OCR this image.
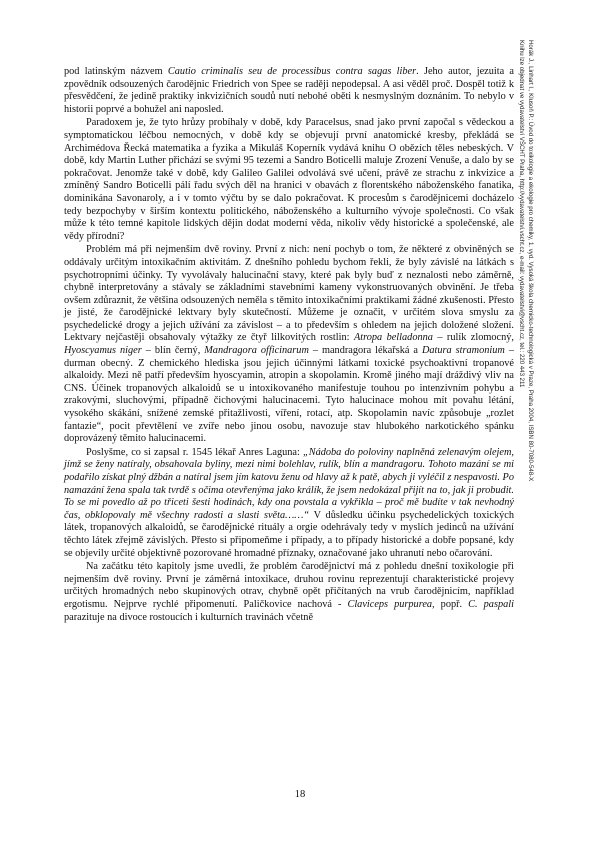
Horák J., Linhart I., Klusoň P.: Úvod do toxikologie a ekologie pro chemiky, 1. vyd. Vysoká škola chemicko-technologická v Praze, Praha 2004, ISBN 80-7080-548-X
Knihu lze objednat ve vydavatelství VŠCHT Praha, http://vydavatelstvi.vscht.cz, e-mail: vydavatelstvi@vscht.cz, tel.: 220 443 211

pod latinským názvem Cautio criminalis seu de processibus contra sagas liber. Jeho autor, jezuita a zpovědník odsouzených čarodějnic Friedrich von Spee se raději nepodepsal. A asi věděl proč. Dospěl totiž k přesvědčení, že jedině praktiky inkvizičních soudů nutí nebohé oběti k nesmyslným doznáním. To nebylo v historii poprvé a bohužel ani naposled.

Paradoxem je, že tyto hrůzy probíhaly v době, kdy Paracelsus, snad jako první započal s vědeckou a symptomatickou léčbou nemocných, v době kdy se objevují první anatomické kresby, překládá se Archimédova Řecká matematika a fyzika a Mikuláš Koperník vydává knihu O obězích těles nebeských. V době, kdy Martin Luther přichází se svými 95 tezemi a Sandro Boticelli maluje Zrození Venuše, a dalo by se pokračovat. Jenomže také v době, kdy Galileo Galilei odvolává své učení, právě ze strachu z inkvizice a zmíněný Sandro Boticelli pálí řadu svých děl na hranici v obavách z florentského náboženského fanatika, dominikána Savonaroly, a i v tomto výčtu by se dalo pokračovat. K procesům s čarodějnicemi docházelo tedy bezpochyby v širším kontextu politického, náboženského a kulturního vývoje společnosti. Co však může k této temné kapitole lidských dějin dodat moderní věda, nikoliv vědy historické a společenské, ale vědy přírodní?

Problém má při nejmenším dvě roviny. První z nich: není pochyb o tom, že některé z obviněných se oddávaly určitým intoxikačním aktivitám. Z dnešního pohledu bychom řekli, že byly závislé na látkách s psychotropními účinky. Ty vyvolávaly halucinační stavy, které pak byly buď z neznalosti nebo záměrně, chybně interpretovány a stávaly se základními stavebními kameny vykonstruovaných obvinění. Je třeba ovšem zdůraznit, že většina odsouzených neměla s těmito intoxikačními praktikami žádné zkušenosti. Přesto je jisté, že čarodějnické lektvary byly skutečností. Můžeme je označit, v určitém slova smyslu za psychedelické drogy a jejich užívání za závislost – a to především s ohledem na jejich doložené složení. Lektvary nejčastěji obsahovaly výtažky ze čtyř lilkovitých rostlin: Atropa belladonna – rulík zlomocný, Hyoscyamus niger – blín černý, Mandragora officinarum – mandragora lékařská a Datura stramonium – durman obecný. Z chemického hlediska jsou jejich účinnými látkami toxické psychoaktivní tropanové alkaloidy. Mezi ně patří především hyoscyamin, atropin a skopolamin. Kromě jiného mají dráždivý vliv na CNS. Účinek tropanových alkaloidů se u intoxikovaného manifestuje touhou po intenzivním pohybu a zrakovými, sluchovými, případně čichovými halucinacemi. Tyto halucinace mohou mít povahu létání, vysokého skákání, snížené zemské přitažlivosti, víření, rotací, atp. Skopolamin navíc způsobuje „rozlet fantazie“, pocit převtělení ve zvíře nebo jinou osobu, navozuje stav hlubokého narkotického spánku doprovázený těmito halucinacemi.

Poslyšme, co si zapsal r. 1545 lékař Anres Laguna: „Nádoba do poloviny naplněná zelenavým olejem, jímž se ženy natíraly, obsahovala byliny, mezi nimi bolehlav, rulík, blín a mandragoru. Tohoto mazání se mi podařilo získat plný džbán a natíral jsem jím katovu ženu od hlavy až k patě, abych ji vyléčil z nespavosti. Po namazání žena spala tak tvrdě s očima otevřenýma jako králík, že jsem nedokázal přijít na to, jak ji probudit. To se mi povedlo až po třiceti šesti hodinách, kdy ona povstala a vykřikla – proč mě budíte v tak nevhodný čas, obklopovaly mě všechny radosti a slasti světa……“ V důsledku účinku psychedelických toxických látek, tropanových alkaloidů, se čarodějnické rituály a orgie odehrávaly tedy v myslích jedinců na užívání těchto látek zřejmě závislých. Přesto si připomeňme i případy, a to případy historické a dobře popsané, kdy se objevily určité objektivně pozorované hromadné příznaky, označované jako uhranutí nebo očarování.

Na začátku této kapitoly jsme uvedli, že problém čarodějnictví má z pohledu dnešní toxikologie při nejmenším dvě roviny. První je záměrná intoxikace, druhou rovinu reprezentují charakteristické projevy určitých hromadných nebo skupinových otrav, chybně opět přičítaných na vrub čarodějnicím, například ergotismu. Nejprve rychlé připomenutí. Paličkovice nachová - Claviceps purpurea, popř. C. paspali parazituje na divoce rostoucích i kulturních travinách včetně

18
